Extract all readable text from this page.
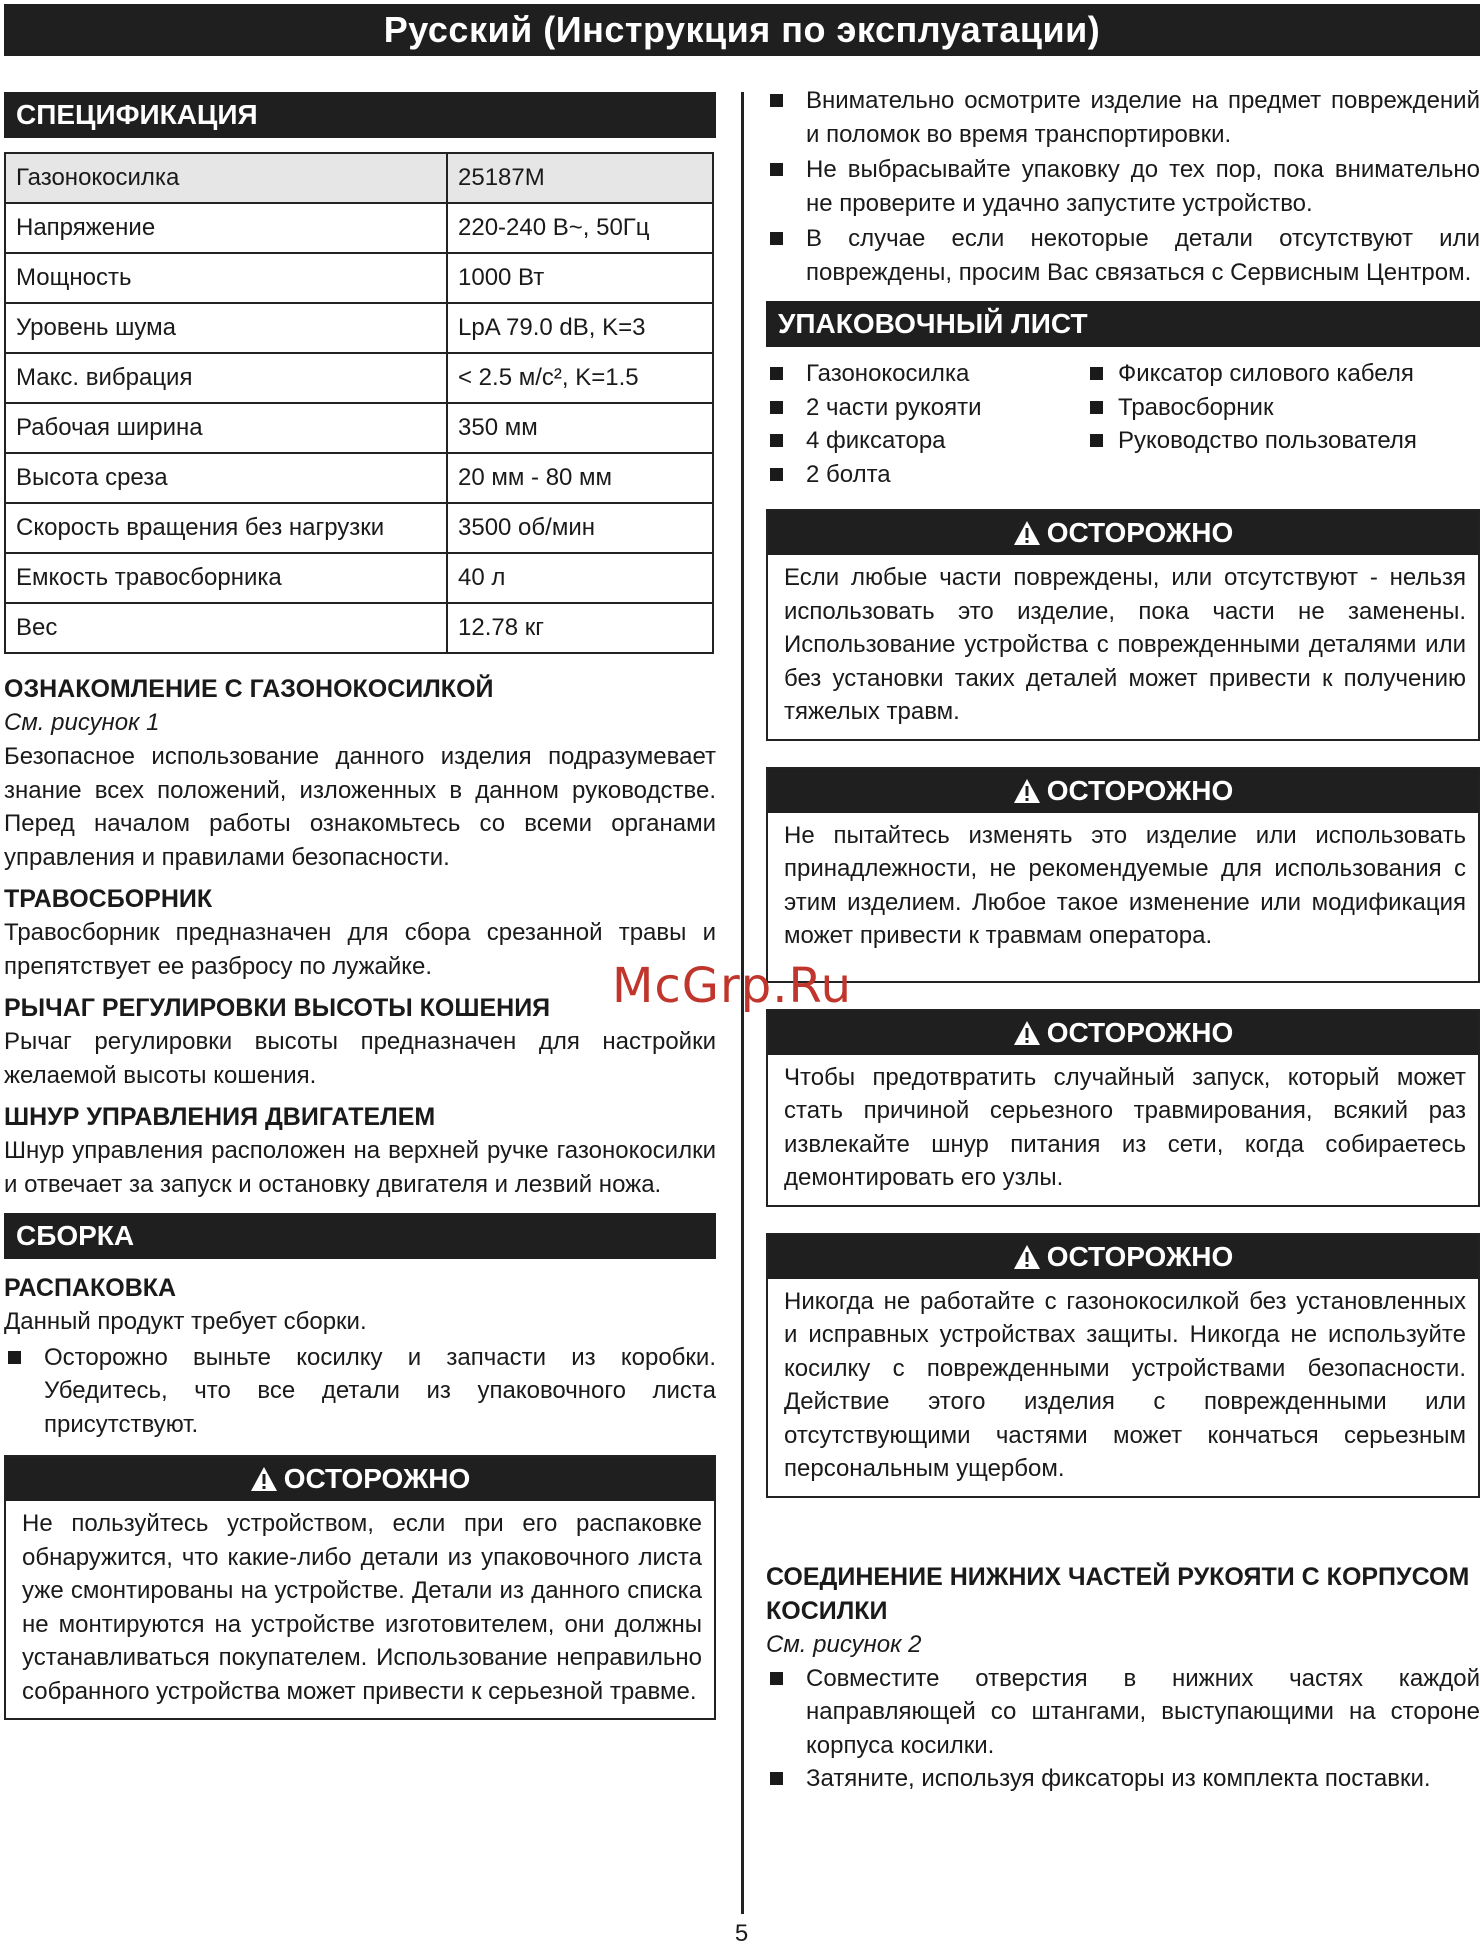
Русский (Инструкция по эксплуатации)
СПЕЦИФИКАЦИЯ
Газонокосилка	25187M
Напряжение	220-240 В~, 50Гц
Мощность	1000 Вт
Уровень шума	LpA 79.0 dB, K=3
Макс. вибрация	< 2.5 м/с², K=1.5
Рабочая ширина	350 мм
Высота среза	20 мм - 80 мм
Скорость вращения без нагрузки	3500 об/мин
Емкость травосборника	40 л
Вес	12.78 кг
ОЗНАКОМЛЕНИЕ С ГАЗОНОКОСИЛКОЙ
См. рисунок 1

Безопасное использование данного изделия подразумевает знание всех положений, изложенных в данном руководстве. Перед началом работы ознакомьтесь со всеми органами управления и правилами безопасности.

ТРАВОСБОРНИК

Травосборник предназначен для сбора срезанной травы и препятствует ее разбросу по лужайке.

РЫЧАГ РЕГУЛИРОВКИ ВЫСОТЫ КОШЕНИЯ

Рычаг регулировки высоты предназначен для настройки желаемой высоты кошения.

ШНУР УПРАВЛЕНИЯ ДВИГАТЕЛЕМ

Шнур управления расположен на верхней ручке газонокосилки и отвечает за запуск и остановку двигателя и лезвий ножа.

СБОРКА
РАСПАКОВКА

Данный продукт требует сборки.

Осторожно выньте косилку и запчасти из коробки. Убедитесь, что все детали из упаковочного листа присутствуют.
ОСТОРОЖНО

Не пользуйтесь устройством, если при его распаковке обнаружится, что какие-либо детали из упаковочного листа уже смонтированы на устройстве. Детали из данного списка не монтируются на устройстве изготовителем, они должны устанавливаться покупателем. Использование неправильно собранного устройства может привести к серьезной травме.

Внимательно осмотрите изделие на предмет повреждений и поломок во время транспортировки.
Не выбрасывайте упаковку до тех пор, пока внимательно не проверите и удачно запустите устройство.
В случае если некоторые детали отсутствуют или повреждены, просим Вас связаться с Сервисным Центром.
УПАКОВОЧНЫЙ ЛИСТ
Газонокосилка
2 части рукояти
4 фиксатора
2 болта
Фиксатор силового кабеля
Травосборник
Руководство пользователя
ОСТОРОЖНО

Если любые части повреждены, или отсутствуют - нельзя использовать это изделие, пока части не заменены. Использование устройства с поврежденными деталями или без установки таких деталей может привести к получению тяжелых травм.

ОСТОРОЖНО

Не пытайтесь изменять это изделие или использовать принадлежности, не рекомендуемые для использования с этим изделием. Любое такое изменение или модификация может привести к травмам оператора.

ОСТОРОЖНО

Чтобы предотвратить случайный запуск, который может стать причиной серьезного травмирования, всякий раз извлекайте шнур питания из сети, когда собираетесь демонтировать его узлы.

ОСТОРОЖНО

Никогда не работайте с газонокосилкой без установленных и исправных устройствах защиты. Никогда не используйте косилку с поврежденными устройствами безопасности. Действие этого изделия с поврежденными или отсутствующими частями может кончаться серьезным персональным ущербом.

СОЕДИНЕНИЕ НИЖНИХ ЧАСТЕЙ РУКОЯТИ С КОРПУСОМ КОСИЛКИ
См. рисунок 2
Совместите отверстия в нижних частях каждой направляющей со штангами, выступающими на стороне корпуса косилки.
Затяните, используя фиксаторы из комплекта поставки.
McGrp.Ru
5
